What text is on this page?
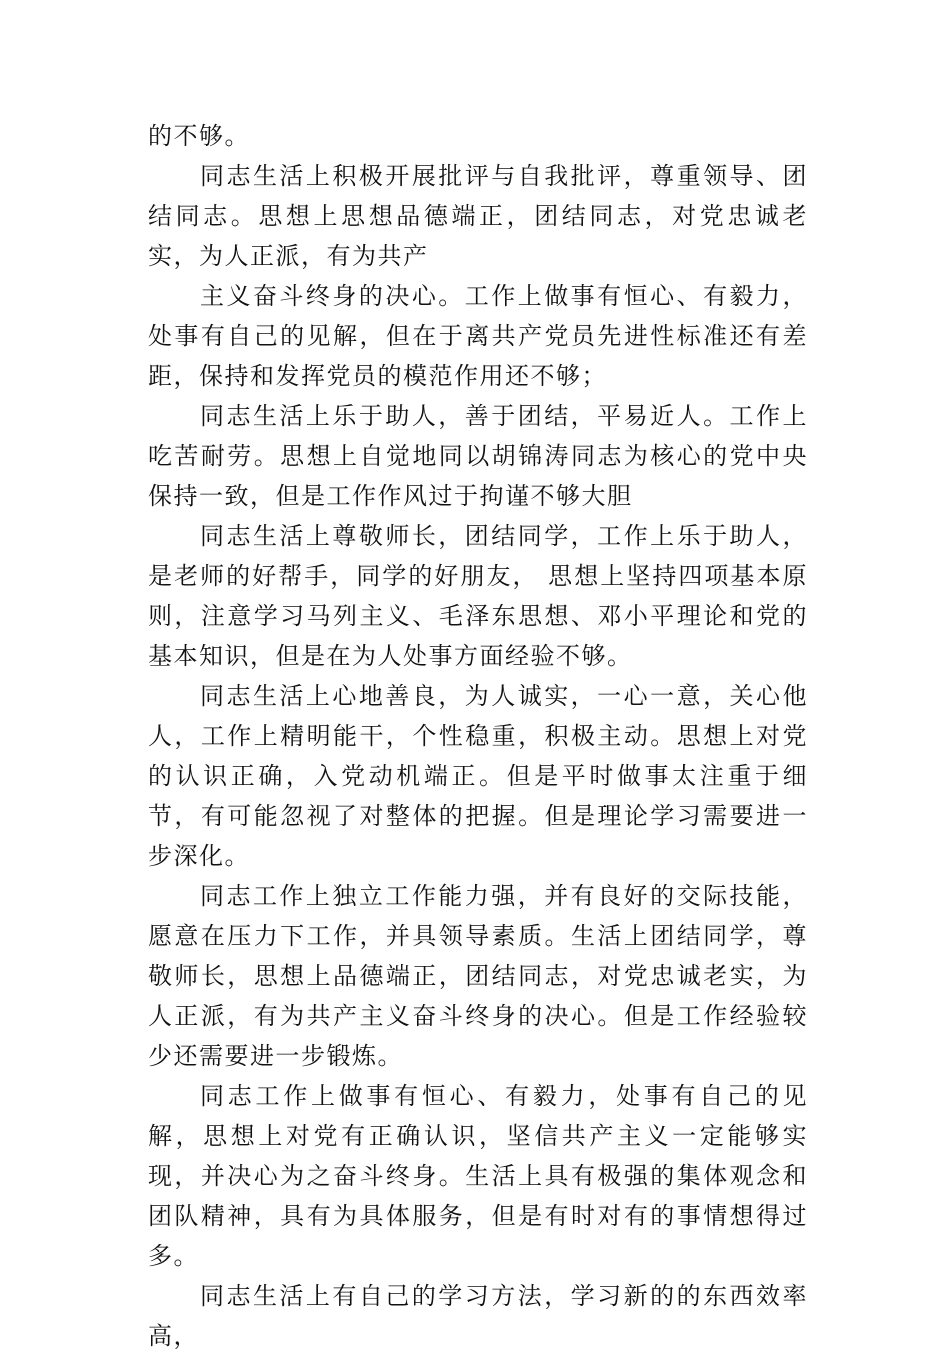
的不够。

同志生活上积极开展批评与自我批评，尊重领导、团结同志。思想上思想品德端正，团结同志，对党忠诚老实，为人正派，有为共产

主义奋斗终身的决心。工作上做事有恒心、有毅力，处事有自己的见解，但在于离共产党员先进性标准还有差距，保持和发挥党员的模范作用还不够；

同志生活上乐于助人，善于团结，平易近人。工作上吃苦耐劳。思想上自觉地同以胡锦涛同志为核心的党中央保持一致，但是工作作风过于拘谨不够大胆

同志生活上尊敬师长，团结同学，工作上乐于助人，是老师的好帮手，同学的好朋友， 思想上坚持四项基本原则，注意学习马列主义、毛泽东思想、邓小平理论和党的基本知识，但是在为人处事方面经验不够。

同志生活上心地善良，为人诚实，一心一意，关心他人，工作上精明能干，个性稳重，积极主动。思想上对党的认识正确，入党动机端正。但是平时做事太注重于细节，有可能忽视了对整体的把握。但是理论学习需要进一步深化。

同志工作上独立工作能力强，并有良好的交际技能，愿意在压力下工作，并具领导素质。生活上团结同学，尊敬师长，思想上品德端正，团结同志，对党忠诚老实，为人正派，有为共产主义奋斗终身的决心。但是工作经验较少还需要进一步锻炼。

同志工作上做事有恒心、有毅力，处事有自己的见解，思想上对党有正确认识，坚信共产主义一定能够实现，并决心为之奋斗终身。生活上具有极强的集体观念和团队精神，具有为具体服务，但是有时对有的事情想得过多。

同志生活上有自己的学习方法，学习新的的东西效率高，
